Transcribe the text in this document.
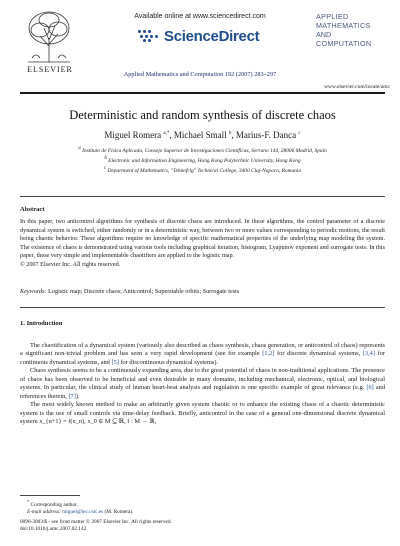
ELSEVIER
Available online at www.sciencedirect.com
ScienceDirect
Applied Mathematics and Computation 192 (2007) 283–297
APPLIED
MATHEMATICS
AND
COMPUTATION
www.elsevier.com/locate/amc
Deterministic and random synthesis of discrete chaos
Miguel Romera $^{a,*}$, Michael Small $^b$, Marius-F. Danca $^c$
$^a$ Instituto de Física Aplicada, Consejo Superior de Investigaciones Científicas, Serrano 144, 28006 Madrid, Spain
$^b$ Electronic and Information Engineering, Hong Kong Polytechnic University, Hong Kong
$^c$ Department of Mathematics, "Tehnofrig" Technical College, 3400 Cluj-Napoca, Romania
Abstract

In this paper, two anticontrol algorithms for synthesis of discrete chaos are introduced. In these algorithms, the control parameter of a discrete dynamical system is switched, either randomly or in a deterministic way, between two or more values corresponding to periodic motions, the result being chaotic behavior. These algorithms require no knowledge of specific mathematical properties of the underlying map modeling the system. The existence of chaos is demonstrated using various tools including graphical iteration, histogram, Lyapunov exponent and surrogate tests. In this paper, these very simple and implementable chaotifiers are applied to the logistic map.

© 2007 Elsevier Inc. All rights reserved.

Keywords: Logistic map; Discrete chaos; Anticontrol; Superstable orbits; Surrogate tests
1. Introduction

The chaotification of a dynamical system (variously also described as chaos synthesis, chaos generation, or anticontrol of chaos) represents a significant non-trivial problem and has seen a very rapid development (see for example [1,2] for discrete dynamical systems, [3,4] for continuous dynamical systems, and [5] for discontinuous dynamical systems).

Chaos synthesis seems to be a continuously expanding area, due to the great potential of chaos in non-traditional applications. The presence of chaos has been observed to be beneficial and even desirable in many domains, including mechanical, electronic, optical, and biological systems. In particular, the clinical study of human heart-beat analysis and regulation is one specific example of great relevance (e.g. [6] and references therein, [7]).

The most widely known method to make an arbitrarily given system chaotic or to enhance the existing chaos of a chaotic deterministic system is the use of small controls via time-delay feedback. Briefly, anticontrol in the case of a general one-dimensional discrete dynamical system x_{n+1} = f(x_n), x_0 ∈ M ⊆ ℝ, f : M → ℝ,

* Corresponding author.
E-mail address: miguel@iec.csic.es (M. Romera).
0096-3003/$ - see front matter © 2007 Elsevier Inc. All rights reserved.
doi:10.1016/j.amc.2007.02.142
